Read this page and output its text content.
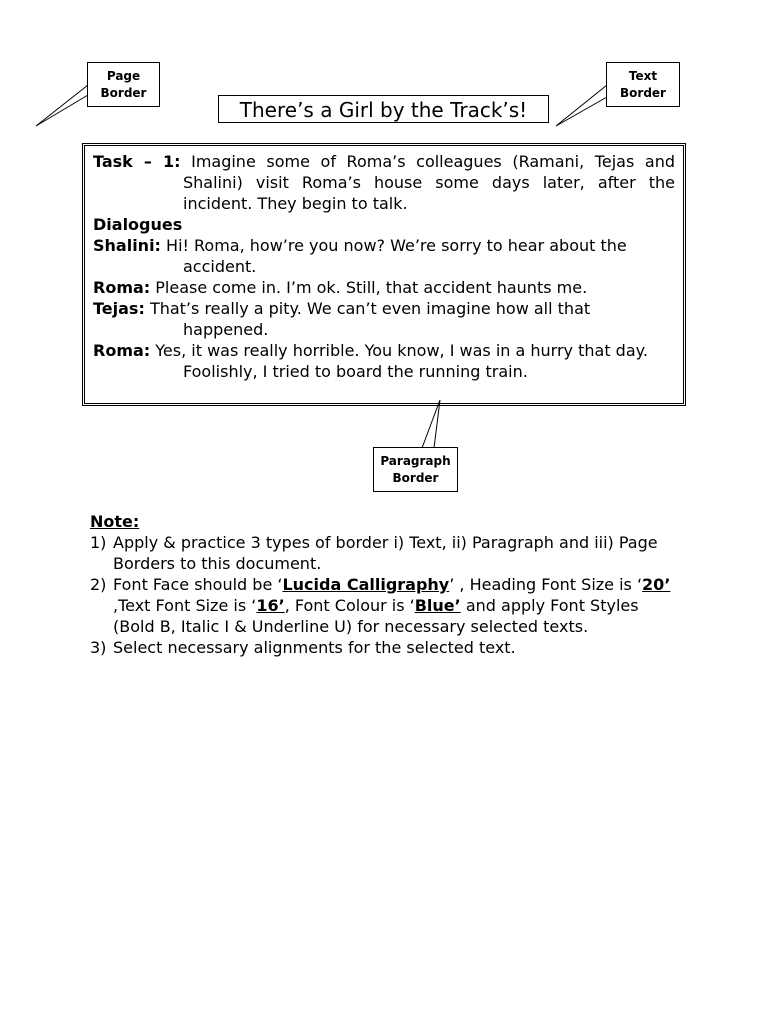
Page
Border
Text
Border
Paragraph
Border
There’s a Girl by the Track’s!

Task – 1: Imagine some of Roma’s colleagues (Ramani, Tejas and Shalini) visit Roma’s house some days later, after the incident. They begin to talk.

Dialogues

Shalini: Hi! Roma, how’re you now? We’re sorry to hear about the accident.

Roma: Please come in. I’m ok. Still, that accident haunts me.

Tejas: That’s really a pity. We can’t even imagine how all that happened.

Roma: Yes, it was really horrible. You know, I was in a hurry that day. Foolishly, I tried to board the running train.

Note:

1) Apply & practice 3 types of border i) Text, ii) Paragraph and iii) Page Borders to this document.
2) Font Face should be ‘Lucida Calligraphy’ , Heading Font Size is ‘20’ ,Text Font Size is ‘16’, Font Colour is ‘Blue’ and apply Font Styles (Bold B, Italic I & Underline U) for necessary selected texts.
3) Select necessary alignments for the selected text.
